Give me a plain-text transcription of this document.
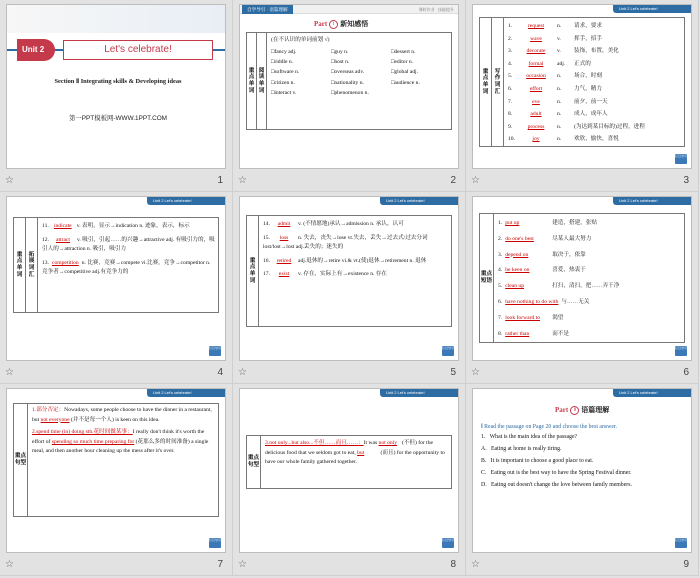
Unit 2	Let's celebrate!
Section Ⅱ Integrating skills & Developing ideas
第一PPT模板网-WWW.1PPT.COM
☆	1
自学导引 · 语篇理解	课时作业 · 技能提升
Part	Ⅰ 新知感悟
重点单词
阅读单词
(在不认识的单词前划 √)
□fancy adj.	□guy n.	□dessert n.
□riddle n.	□host n.	□editor n.
□software n.	□overseas adv.	□global adj.
□citizen n.	□nationality n.	□audience n.
□interact v.	□phenomenon n.
☆	2
Unit 2 Let's celebrate!
重点单词
写作词汇
1.	request n. 请求，要求
2.	wave	v. 挥手，招手
3.	decorate v. 装饰，布置，美化
4.	formal adj. 正式的
5.	occasion n. 场合，时刻
6.	effort	n. 力气，精力
7.	eve	n. 前夕，前一天
8.	adult	n. 成人，成年人
9.	process n. (为达到某目标的)过程，进程
10.	joy	n. 欢欣，愉快，喜悦
栏目导引
☆	3
Unit 2 Let's celebrate!
重点单词
拓展词汇
11. indicate v. 表明，显示→indication n. 迹象，表示，标示
12. attract v. 吸引，引起……的兴趣→attractive adj. 有吸引力的，吸引人的→attraction n. 吸引，吸引力
13. competition n. 比赛，竞赛→compete vi.比赛，竞争→competitor n. 竞争者→competitive adj.有竞争力的
栏目导引
☆	4
Unit 2 Let's celebrate!
重点单词
14. admit v. (不情愿地)承认→admission n. 承认，认可
15. loss n. 失去，丧失→lose vt.失去，丢失→过去式/过去分词lost/lost→lost adj.丢失的；迷失的
16. retired adj.退休的→retire vi.& vt.(使)退休→retirement n. 退休
17. exist v. 存在，实际上有→existence n. 存在
栏目导引
☆	5
Unit 2 Let's celebrate!
重点短语
1. put up	建造，搭建，张贴
2. do one's best	尽某人最大努力
3. depend on	取决于，依靠
4. be keen on	喜爱，热衷于
5. clean up	打扫，清扫，把……弄干净
6. have nothing to do with 与……无关
7. look forward to 渴望
8. rather than	而不是
栏目导引
☆	6
Unit 2 Let's celebrate!
重点句型
1.部分否定：Nowadays, some people choose to have the dinner in a restaurant, but not everyone (并不是每一个人) is keen on this idea.
2.spend time (in) doing sth.花时间做某事：I really don't think it's worth the effort of spending so much time preparing for (花那么多的时间准备) a single meal, and then another hour cleaning up the mess after it's over.
栏目导引
☆	7
Unit 2 Let's celebrate!
重点句型
3.not only...but also...不但……而且……：It was not only (不但) for the delicious food that we seldom got to eat, but	(而且) for the opportunity to have our whole family gathered together.
栏目导引
☆	8
Unit 2 Let's celebrate!
Part	Ⅱ 语篇理解
Ⅰ Read the passage on Page 20 and choose the best answer.
1．What is the main idea of the passage?
A．Eating at home is really tiring.
B．It is important to choose a good place to eat.
C．Eating out is the best way to have the Spring Festival dinner.
D．Eating out doesn't change the love between family members.
栏目导引
☆	9
